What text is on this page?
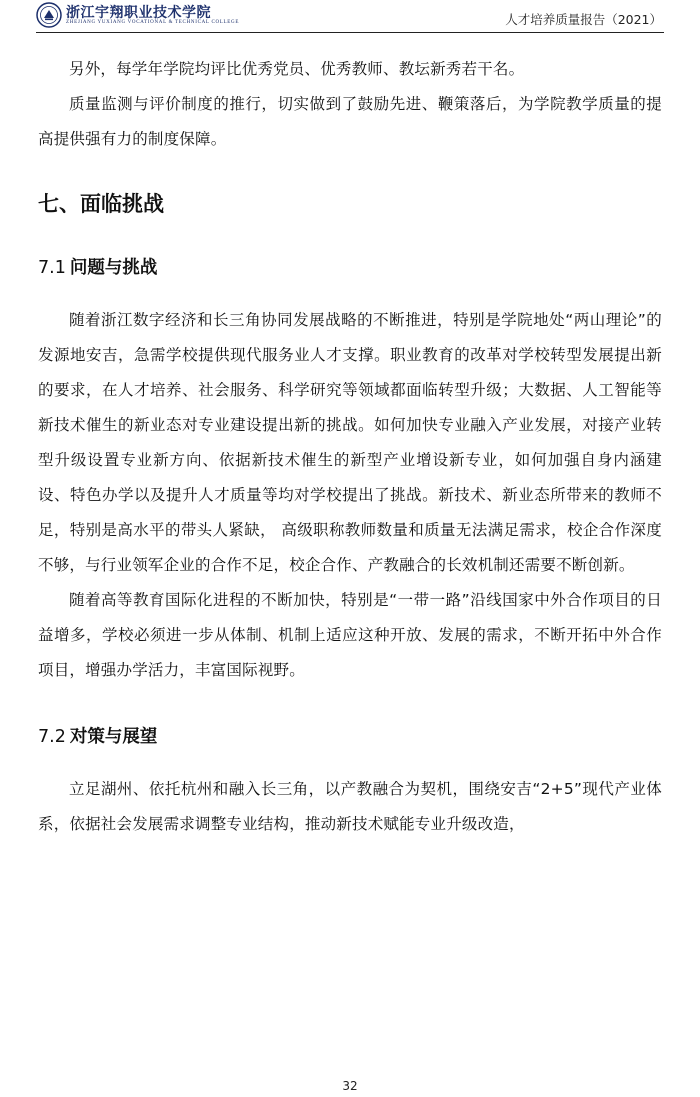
浙江宇翔职业技术学院
ZHEJIANG YUXIANG VOCATIONAL & TECHNICAL COLLEGE	人才培养质量报告（2021）

另外，每学年学院均评比优秀党员、优秀教师、教坛新秀若干名。

质量监测与评价制度的推行，切实做到了鼓励先进、鞭策落后，为学院教学质量的提高提供强有力的制度保障。

七、面临挑战
7.1 问题与挑战

随着浙江数字经济和长三角协同发展战略的不断推进，特别是学院地处“两山理论”的发源地安吉，急需学校提供现代服务业人才支撑。职业教育的改革对学校转型发展提出新的要求，在人才培养、社会服务、科学研究等领域都面临转型升级；大数据、人工智能等新技术催生的新业态对专业建设提出新的挑战。如何加快专业融入产业发展，对接产业转型升级设置专业新方向、依据新技术催生的新型产业增设新专业，如何加强自身内涵建设、特色办学以及提升人才质量等均对学校提出了挑战。新技术、新业态所带来的教师不足，特别是高水平的带头人紧缺， 高级职称教师数量和质量无法满足需求，校企合作深度不够，与行业领军企业的合作不足，校企合作、产教融合的长效机制还需要不断创新。

随着高等教育国际化进程的不断加快，特别是“一带一路”沿线国家中外合作项目的日益增多，学校必须进一步从体制、机制上适应这种开放、发展的需求，不断开拓中外合作项目，增强办学活力，丰富国际视野。

7.2 对策与展望

立足湖州、依托杭州和融入长三角，以产教融合为契机，围绕安吉“2+5”现代产业体系，依据社会发展需求调整专业结构，推动新技术赋能专业升级改造，

32
